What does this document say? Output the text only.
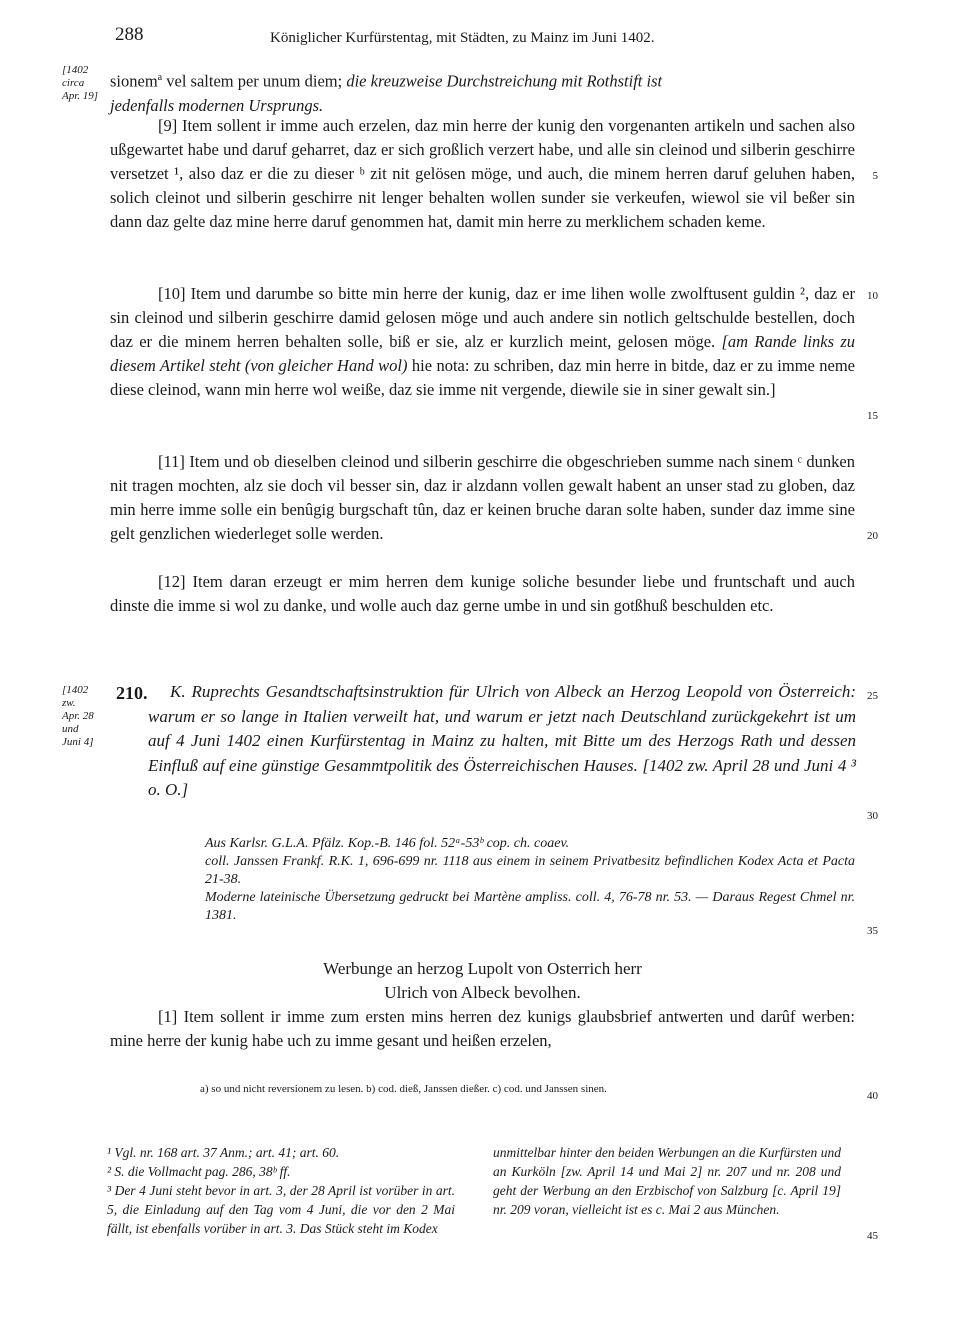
288	Königlicher Kurfürstentag, mit Städten, zu Mainz im Juni 1402.
[1402
circa
Apr. 19]
sionem$^a$ vel saltem per unum diem; die kreuzweise Durchstreichung mit Rothstift ist
jedenfalls modernen Ursprungs.

[9] Item sollent ir imme auch erzelen, daz min herre der kunig den vorgenanten artikeln und sachen also ußgewartet habe und daruf geharret, daz er sich großlich verzert habe, und alle sin cleinod und silberin geschirre versetzet ¹, also daz er die zu dieser ᵇ zit nit gelösen möge, und auch, die minem herren daruf geluhen haben, solich cleinot und silberin geschirre nit lenger behalten wollen sunder sie verkeufen, wiewol sie vil beßer sin dann daz gelte daz mine herre daruf genommen hat, damit min herre zu merklichem schaden keme.

[10] Item und darumbe so bitte min herre der kunig, daz er ime lihen wolle zwolftusent guldin ², daz er sin cleinod und silberin geschirre damid gelosen möge und auch andere sin notlich geltschulde bestellen, doch daz er die minem herren behalten solle, biß er sie, alz er kurzlich meint, gelosen möge. [am Rande links zu diesem Artikel steht (von gleicher Hand wol) hie nota: zu schriben, daz min herre in bitde, daz er zu imme neme diese cleinod, wann min herre wol weiße, daz sie imme nit vergende, diewile sie in siner gewalt sin.]

[11] Item und ob dieselben cleinod und silberin geschirre die obgeschrieben summe nach sinem ᶜ dunken nit tragen mochten, alz sie doch vil besser sin, daz ir alzdann vollen gewalt habent an unser stad zu globen, daz min herre imme solle ein benûgig burgschaft tûn, daz er keinen bruche daran solte haben, sunder daz imme sine gelt genzlichen wiederleget solle werden.

[12] Item daran erzeugt er mim herren dem kunige soliche besunder liebe und fruntschaft und auch dinste die imme si wol zu danke, und wolle auch daz gerne umbe in und sin gotßhuß beschulden etc.

5
10
15
20
25
30
35
40
45
[1402
zw.
Apr. 28
und
Juni 4]
210.	K. Ruprechts Gesandtschaftsinstruktion für Ulrich von Albeck an Herzog Leopold von Österreich: warum er so lange in Italien verweilt hat, und warum er jetzt nach Deutschland zurückgekehrt ist um auf 4 Juni 1402 einen Kurfürstentag in Mainz zu halten, mit Bitte um des Herzogs Rath und dessen Einfluß auf eine günstige Gesammtpolitik des Österreichischen Hauses. [1402 zw. April 28 und Juni 4 ³ o. O.]

Aus Karlsr. G.L.A. Pfälz. Kop.-B. 146 fol. 52ᵃ-53ᵇ cop. ch. coaev.

coll. Janssen Frankf. R.K. 1, 696-699 nr. 1118 aus einem in seinem Privatbesitz befindlichen Kodex Acta et Pacta 21-38.

Moderne lateinische Übersetzung gedruckt bei Martène ampliss. coll. 4, 76-78 nr. 53. — Daraus Regest Chmel nr. 1381.

Werbunge an herzog Lupolt von Osterrich herr
Ulrich von Albeck bevolhen.

[1] Item sollent ir imme zum ersten mins herren dez kunigs glaubsbrief antwerten und darûf werben: mine herre der kunig habe uch zu imme gesant und heißen erzelen,

a) so und nicht reversionem zu lesen. b) cod. dieß, Janssen dießer. c) cod. und Janssen sinen.

¹ Vgl. nr. 168 art. 37 Anm.; art. 41; art. 60.

² S. die Vollmacht pag. 286, 38ᵇ ff.

³ Der 4 Juni steht bevor in art. 3, der 28 April ist vorüber in art. 5, die Einladung auf den Tag vom 4 Juni, die vor den 2 Mai fällt, ist ebenfalls vorüber in art. 3. Das Stück steht im Kodex

unmittelbar hinter den beiden Werbungen an die Kurfürsten und an Kurköln [zw. April 14 und Mai 2] nr. 207 und nr. 208 und geht der Werbung an den Erzbischof von Salzburg [c. April 19] nr. 209 voran, vielleicht ist es c. Mai 2 aus München.
